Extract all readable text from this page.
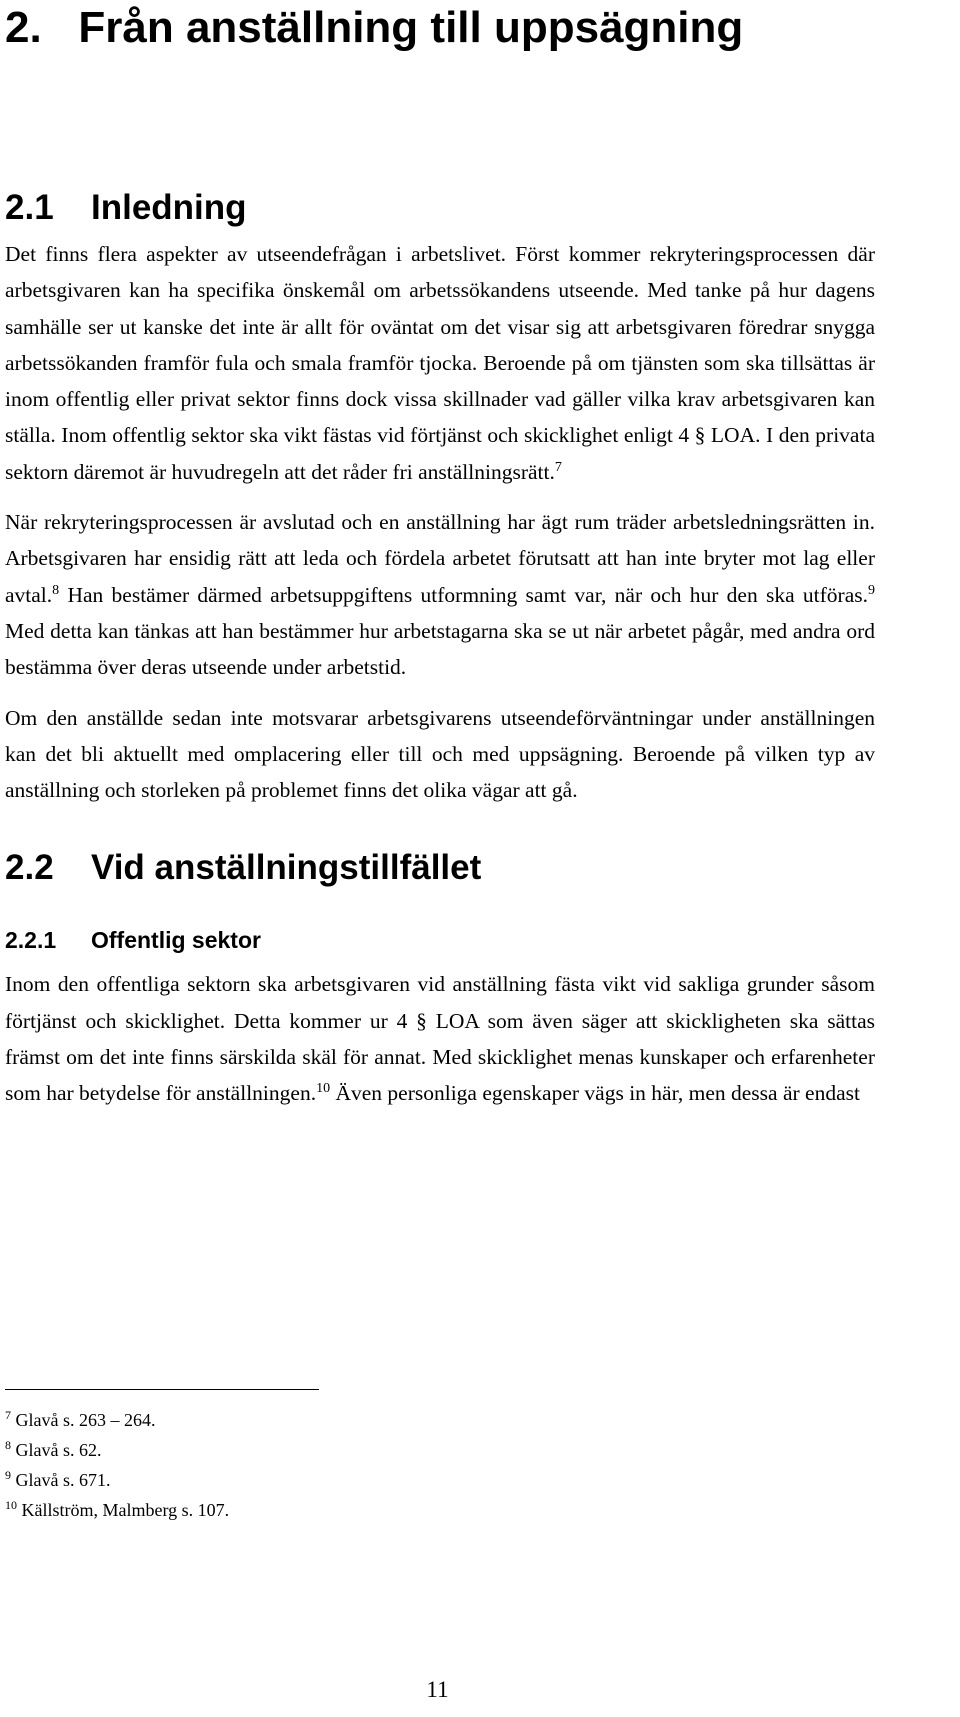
2.   Från anställning till uppsägning
2.1 Inledning

Det finns flera aspekter av utseendefrågan i arbetslivet. Först kommer rekryteringsprocessen där arbetsgivaren kan ha specifika önskemål om arbetssökandens utseende. Med tanke på hur dagens samhälle ser ut kanske det inte är allt för oväntat om det visar sig att arbetsgivaren föredrar snygga arbetssökanden framför fula och smala framför tjocka. Beroende på om tjänsten som ska tillsättas är inom offentlig eller privat sektor finns dock vissa skillnader vad gäller vilka krav arbetsgivaren kan ställa. Inom offentlig sektor ska vikt fästas vid förtjänst och skicklighet enligt 4 § LOA. I den privata sektorn däremot är huvudregeln att det råder fri anställningsrätt.$^7$

När rekryteringsprocessen är avslutad och en anställning har ägt rum träder arbetsledningsrätten in. Arbetsgivaren har ensidig rätt att leda och fördela arbetet förutsatt att han inte bryter mot lag eller avtal.$^8$ Han bestämer därmed arbetsuppgiftens utformning samt var, när och hur den ska utföras.$^9$ Med detta kan tänkas att han bestämmer hur arbetstagarna ska se ut när arbetet pågår, med andra ord bestämma över deras utseende under arbetstid.

Om den anställde sedan inte motsvarar arbetsgivarens utseendeförväntningar under anställningen kan det bli aktuellt med omplacering eller till och med uppsägning. Beroende på vilken typ av anställning och storleken på problemet finns det olika vägar att gå.

2.2 Vid anställningstillfället
2.2.1 Offentlig sektor

Inom den offentliga sektorn ska arbetsgivaren vid anställning fästa vikt vid sakliga grunder såsom förtjänst och skicklighet. Detta kommer ur 4 § LOA som även säger att skickligheten ska sättas främst om det inte finns särskilda skäl för annat. Med skicklighet menas kunskaper och erfarenheter som har betydelse för anställningen.$^{10}$ Även personliga egenskaper vägs in här, men dessa är endast

$^7$ Glavå s. 263 – 264.
$^8$ Glavå s. 62.
$^9$ Glavå s. 671.
$^{10}$ Källström, Malmberg s. 107.
11
